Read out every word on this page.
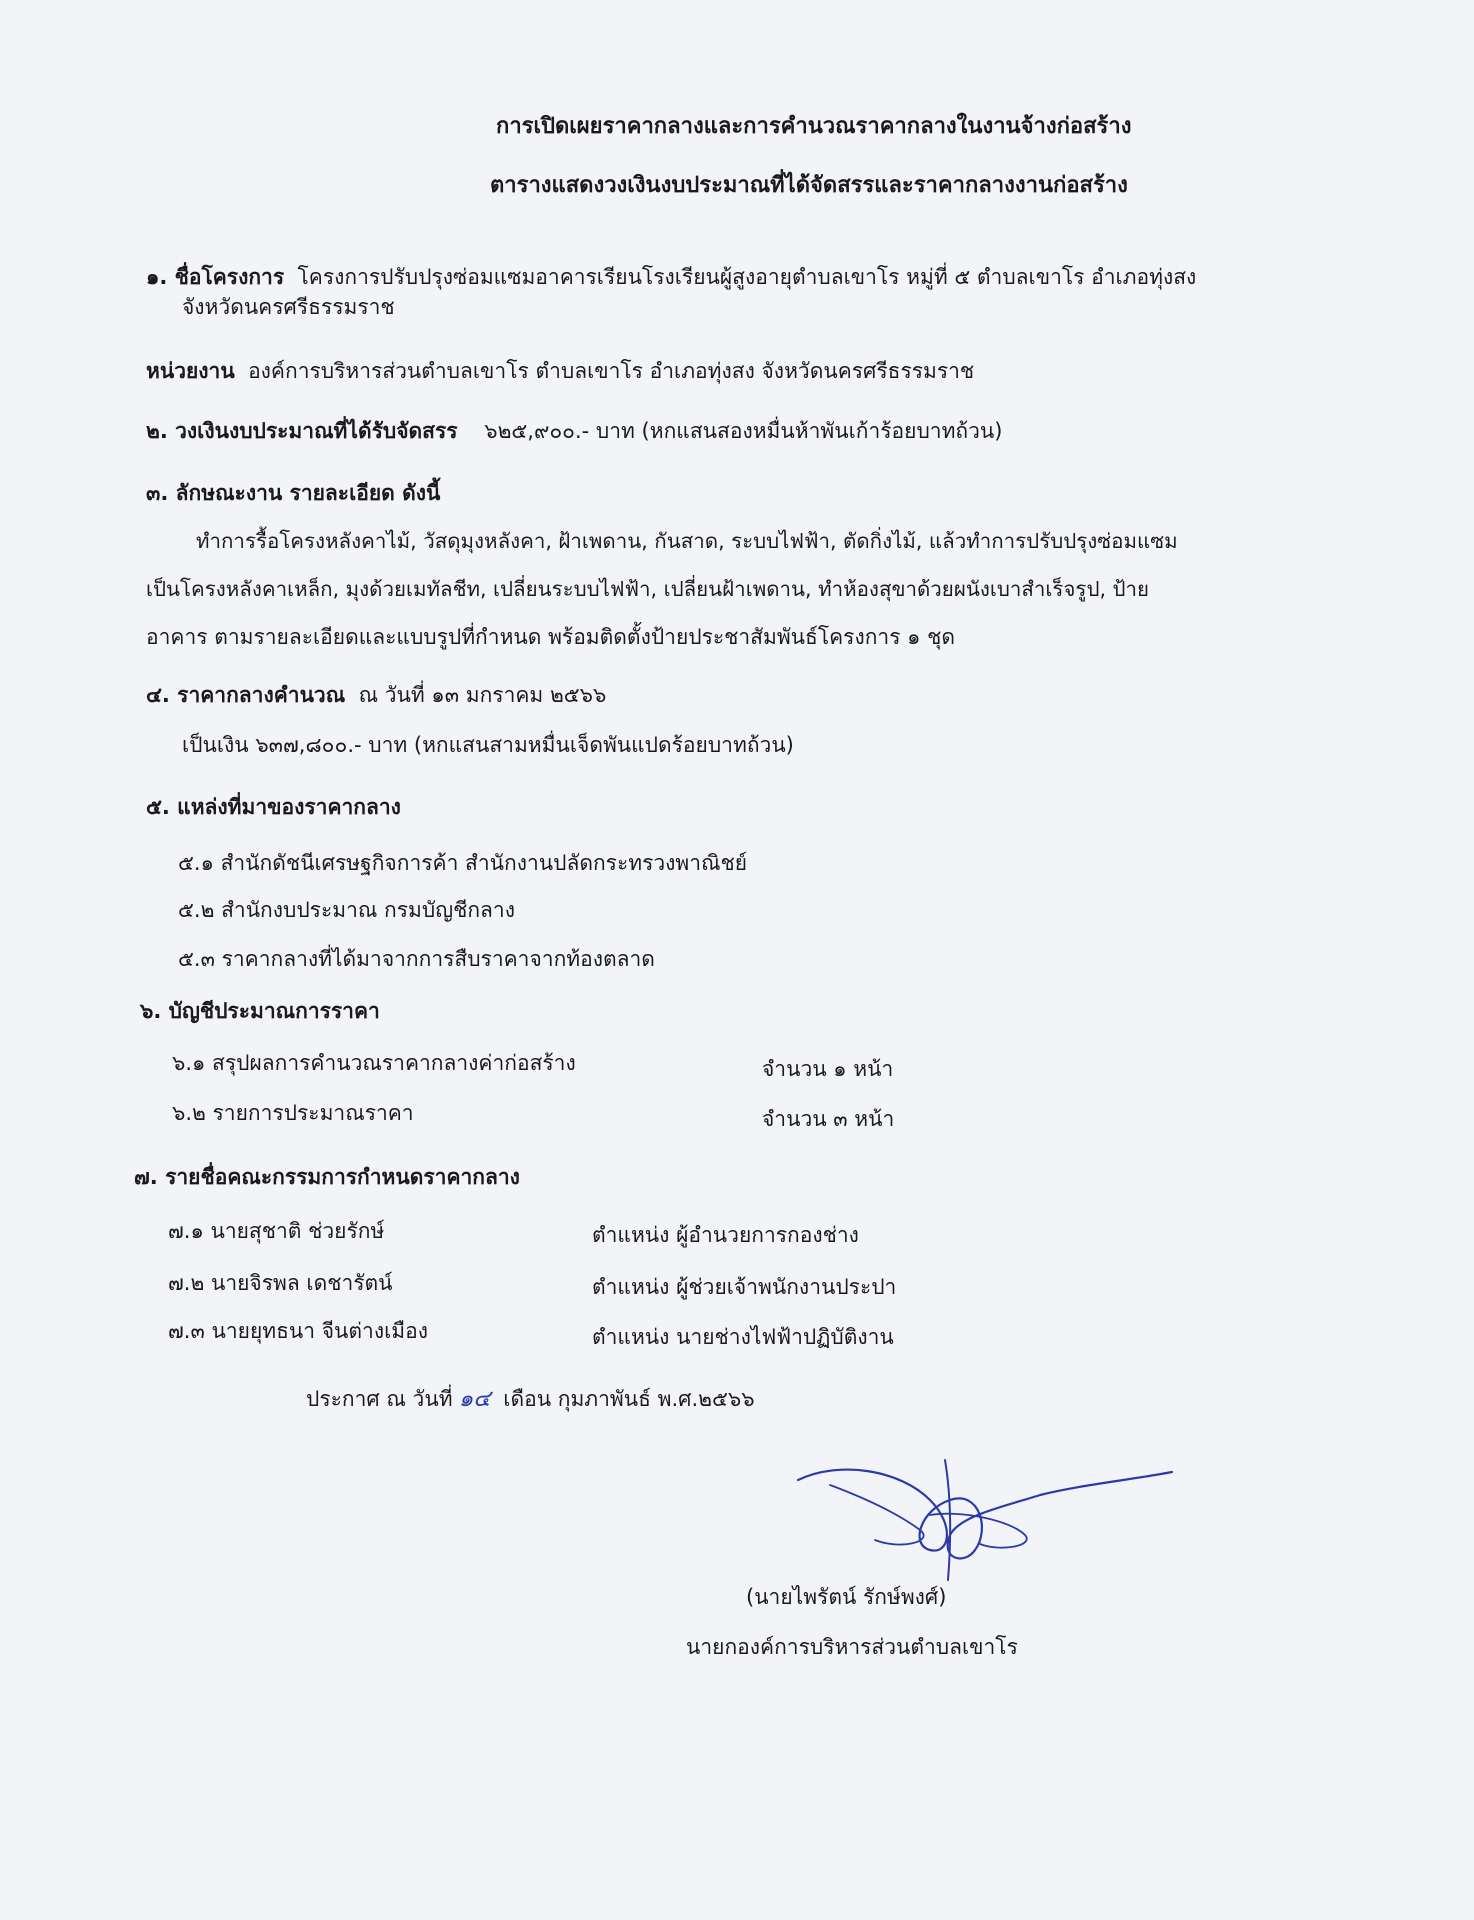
การเปิดเผยราคากลางและการคำนวณราคากลางในงานจ้างก่อสร้าง
ตารางแสดงวงเงินงบประมาณที่ได้จัดสรรและราคากลางงานก่อสร้าง
๑. ชื่อโครงการ โครงการปรับปรุงซ่อมแซมอาคารเรียนโรงเรียนผู้สูงอายุตำบลเขาโร หมู่ที่ ๕ ตำบลเขาโร อำเภอทุ่งสง
จังหวัดนครศรีธรรมราช
หน่วยงาน องค์การบริหารส่วนตำบลเขาโร ตำบลเขาโร อำเภอทุ่งสง จังหวัดนครศรีธรรมราช
๒. วงเงินงบประมาณที่ได้รับจัดสรร ๖๒๕,๙๐๐.- บาท (หกแสนสองหมื่นห้าพันเก้าร้อยบาทถ้วน)
๓. ลักษณะงาน รายละเอียด ดังนี้
ทำการรื้อโครงหลังคาไม้, วัสดุมุงหลังคา, ฝ้าเพดาน, กันสาด, ระบบไฟฟ้า, ตัดกิ่งไม้, แล้วทำการปรับปรุงซ่อมแซม
เป็นโครงหลังคาเหล็ก, มุงด้วยเมทัลชีท, เปลี่ยนระบบไฟฟ้า, เปลี่ยนฝ้าเพดาน, ทำห้องสุขาด้วยผนังเบาสำเร็จรูป, ป้าย
อาคาร ตามรายละเอียดและแบบรูปที่กำหนด พร้อมติดตั้งป้ายประชาสัมพันธ์โครงการ ๑ ชุด
๔. ราคากลางคำนวณ ณ วันที่ ๑๓ มกราคม ๒๕๖๖
เป็นเงิน ๖๓๗,๘๐๐.- บาท (หกแสนสามหมื่นเจ็ดพันแปดร้อยบาทถ้วน)
๕. แหล่งที่มาของราคากลาง
๕.๑ สำนักดัชนีเศรษฐกิจการค้า สำนักงานปลัดกระทรวงพาณิชย์
๕.๒ สำนักงบประมาณ กรมบัญชีกลาง
๕.๓ ราคากลางที่ได้มาจากการสืบราคาจากท้องตลาด
๖. บัญชีประมาณการราคา
๖.๑ สรุปผลการคำนวณราคากลางค่าก่อสร้าง	จำนวน ๑ หน้า
๖.๒ รายการประมาณราคา	จำนวน ๓ หน้า
๗. รายชื่อคณะกรรมการกำหนดราคากลาง
๗.๑ นายสุชาติ ช่วยรักษ์	ตำแหน่ง ผู้อำนวยการกองช่าง
๗.๒ นายจิรพล เดชารัตน์	ตำแหน่ง ผู้ช่วยเจ้าพนักงานประปา
๗.๓ นายยุทธนา จีนต่างเมือง	ตำแหน่ง นายช่างไฟฟ้าปฏิบัติงาน
ประกาศ ณ วันที่ ๑๔ เดือน กุมภาพันธ์ พ.ศ.๒๕๖๖
(นายไพรัตน์ รักษ์พงศ์)
นายกองค์การบริหารส่วนตำบลเขาโร
